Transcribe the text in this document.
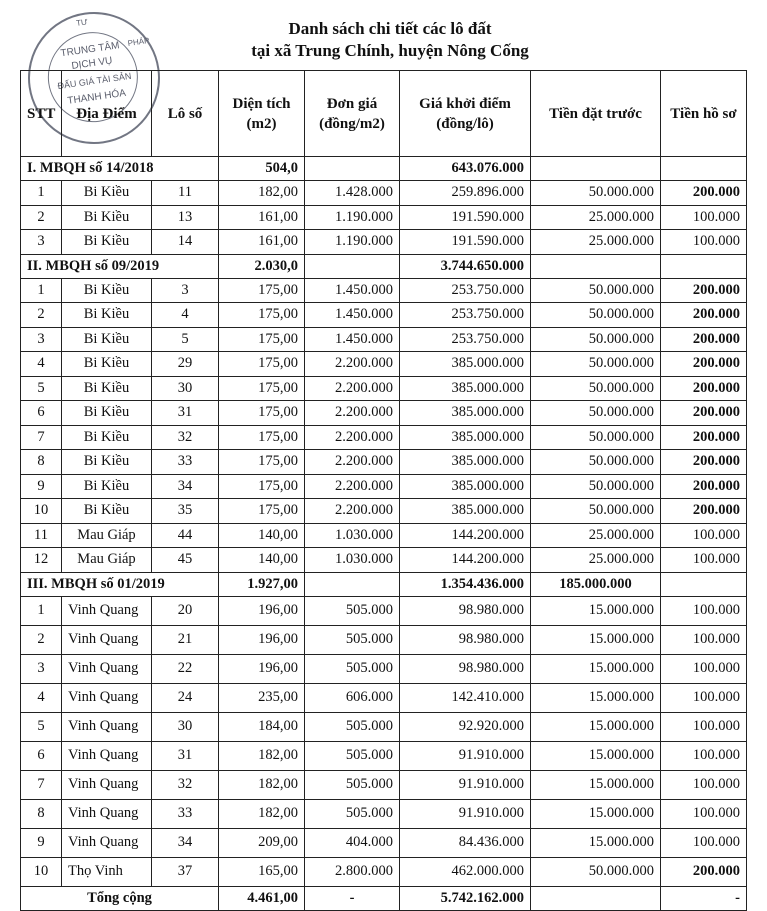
TƯ
PHÁP
TRUNG TÂM
DỊCH VỤ
ĐẤU GIÁ TÀI SẢN
THANH HÓA
Danh sách chi tiết các lô đất
tại xã Trung Chính, huyện Nông Cống
STT	Địa Điểm	Lô số	Diện tích (m2)	Đơn giá (đồng/m2)	Giá khởi điểm (đồng/lô)	Tiền đặt trước	Tiền hồ sơ
I. MBQH số 14/2018			504,0		643.076.000		
1	Bi Kiều	11	182,00	1.428.000	259.896.000	50.000.000	200.000
2	Bi Kiều	13	161,00	1.190.000	191.590.000	25.000.000	100.000
3	Bi Kiều	14	161,00	1.190.000	191.590.000	25.000.000	100.000
II. MBQH số 09/2019			2.030,0		3.744.650.000		
1	Bi Kiều	3	175,00	1.450.000	253.750.000	50.000.000	200.000
2	Bi Kiều	4	175,00	1.450.000	253.750.000	50.000.000	200.000
3	Bi Kiều	5	175,00	1.450.000	253.750.000	50.000.000	200.000
4	Bi Kiều	29	175,00	2.200.000	385.000.000	50.000.000	200.000
5	Bi Kiều	30	175,00	2.200.000	385.000.000	50.000.000	200.000
6	Bi Kiều	31	175,00	2.200.000	385.000.000	50.000.000	200.000
7	Bi Kiều	32	175,00	2.200.000	385.000.000	50.000.000	200.000
8	Bi Kiều	33	175,00	2.200.000	385.000.000	50.000.000	200.000
9	Bi Kiều	34	175,00	2.200.000	385.000.000	50.000.000	200.000
10	Bi Kiều	35	175,00	2.200.000	385.000.000	50.000.000	200.000
11	Mau Giáp	44	140,00	1.030.000	144.200.000	25.000.000	100.000
12	Mau Giáp	45	140,00	1.030.000	144.200.000	25.000.000	100.000
III. MBQH số 01/2019			1.927,00		1.354.436.000	185.000.000	
1	Vinh Quang	20	196,00	505.000	98.980.000	15.000.000	100.000
2	Vinh Quang	21	196,00	505.000	98.980.000	15.000.000	100.000
3	Vinh Quang	22	196,00	505.000	98.980.000	15.000.000	100.000
4	Vinh Quang	24	235,00	606.000	142.410.000	15.000.000	100.000
5	Vinh Quang	30	184,00	505.000	92.920.000	15.000.000	100.000
6	Vinh Quang	31	182,00	505.000	91.910.000	15.000.000	100.000
7	Vinh Quang	32	182,00	505.000	91.910.000	15.000.000	100.000
8	Vinh Quang	33	182,00	505.000	91.910.000	15.000.000	100.000
9	Vinh Quang	34	209,00	404.000	84.436.000	15.000.000	100.000
10	Thọ Vinh	37	165,00	2.800.000	462.000.000	50.000.000	200.000
Tổng cộng			4.461,00	-	5.742.162.000		-
